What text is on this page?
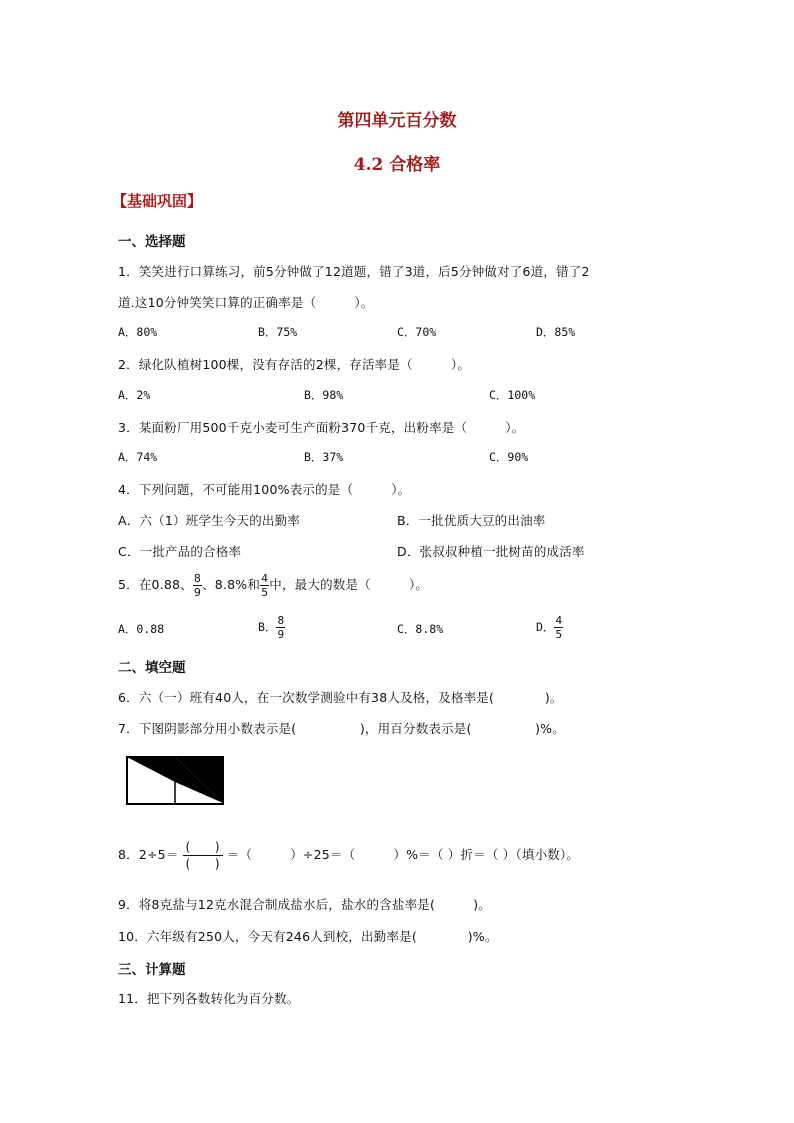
第四单元百分数
4.2 合格率
【基础巩固】
一、选择题
1．笑笑进行口算练习，前5分钟做了12道题，错了3道，后5分钟做对了6道，错了2
道.这10分钟笑笑口算的正确率是（　　　）。
A．80%	B．75%	C．70%	D．85%
2．绿化队植树100棵，没有存活的2棵，存活率是（　　　）。
A．2%	B．98%	C．100%
3．某面粉厂用500千克小麦可生产面粉370千克，出粉率是（　　　）。
A．74%	B．37%	C．90%
4．下列问题，不可能用100%表示的是（　　　）。
A．六（1）班学生今天的出勤率	B．一批优质大豆的出油率
C．一批产品的合格率	D．张叔叔种植一批树苗的成活率
5．在0.88、 $\frac{8}{9}$ 、8.8%和 $\frac{4}{5}$ 中，最大的数是（　　　）。
A．0.88	B． $\frac{8}{9}$	C．8.8%	D． $\frac{4}{5}$
二、填空题
6．六（一）班有40人，在一次数学测验中有38人及格，及格率是(　　　　)。
7．下图阴影部分用小数表示是(　　　　　)，用百分数表示是(　　　　　)%。
8．$2\div 5= \frac{( )}{( )}$ ＝（　　　）÷25＝（　　　）%＝（ ）折＝（ ）（填小数）。
9．将8克盐与12克水混合制成盐水后，盐水的含盐率是(　　　)。
10．六年级有250人，今天有246人到校，出勤率是(　　　　)%。
三、计算题
11．把下列各数转化为百分数。
